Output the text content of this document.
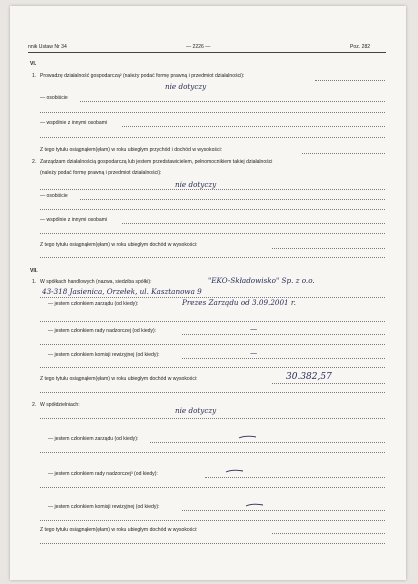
nnik Ustaw Nr 34	— 2226 —	Poz. 282
VI.
1. Prowadzę działalność gospodarczą² (należy podać formę prawną i przedmiot działalności):
nie dotyczy
— osobiście
— wspólnie z innymi osobami
Z tego tytułu osiągnąłem(ęłam) w roku ubiegłym przychód i dochód w wysokości:
2. Zarządzam działalnością gospodarczą lub jestem przedstawicielem, pełnomocnikiem takiej działalności
(należy podać formę prawną i przedmiot działalności):
nie dotyczy
— osobiście
— wspólnie z innymi osobami
Z tego tytułu osiągnąłem(ęłam) w roku ubiegłym dochód w wysokości:
VII.
1. W spółkach handlowych (nazwa, siedziba spółki):	"EKO-Składowisko" Sp. z o.o.
43-318 Jasienica, Orzełek, ul. Kasztanowa 9
— jestem członkiem zarządu (od kiedy):	Prezes Zarządu od 3.09.2001 r.
— jestem członkiem rady nadzorczej (od kiedy):	—
— jestem członkiem komisji rewizyjnej (od kiedy):	—
Z tego tytułu osiągnąłem(ęłam) w roku ubiegłym dochód w wysokości:	30.382,57
2. W spółdzielniach:
nie dotyczy
— jestem członkiem zarządu (od kiedy):
— jestem członkiem rady nadzorczej³ (od kiedy):
— jestem członkiem komisji rewizyjnej (od kiedy):
Z tego tytułu osiągnąłem(ęłam) w roku ubiegłym dochód w wysokości:
